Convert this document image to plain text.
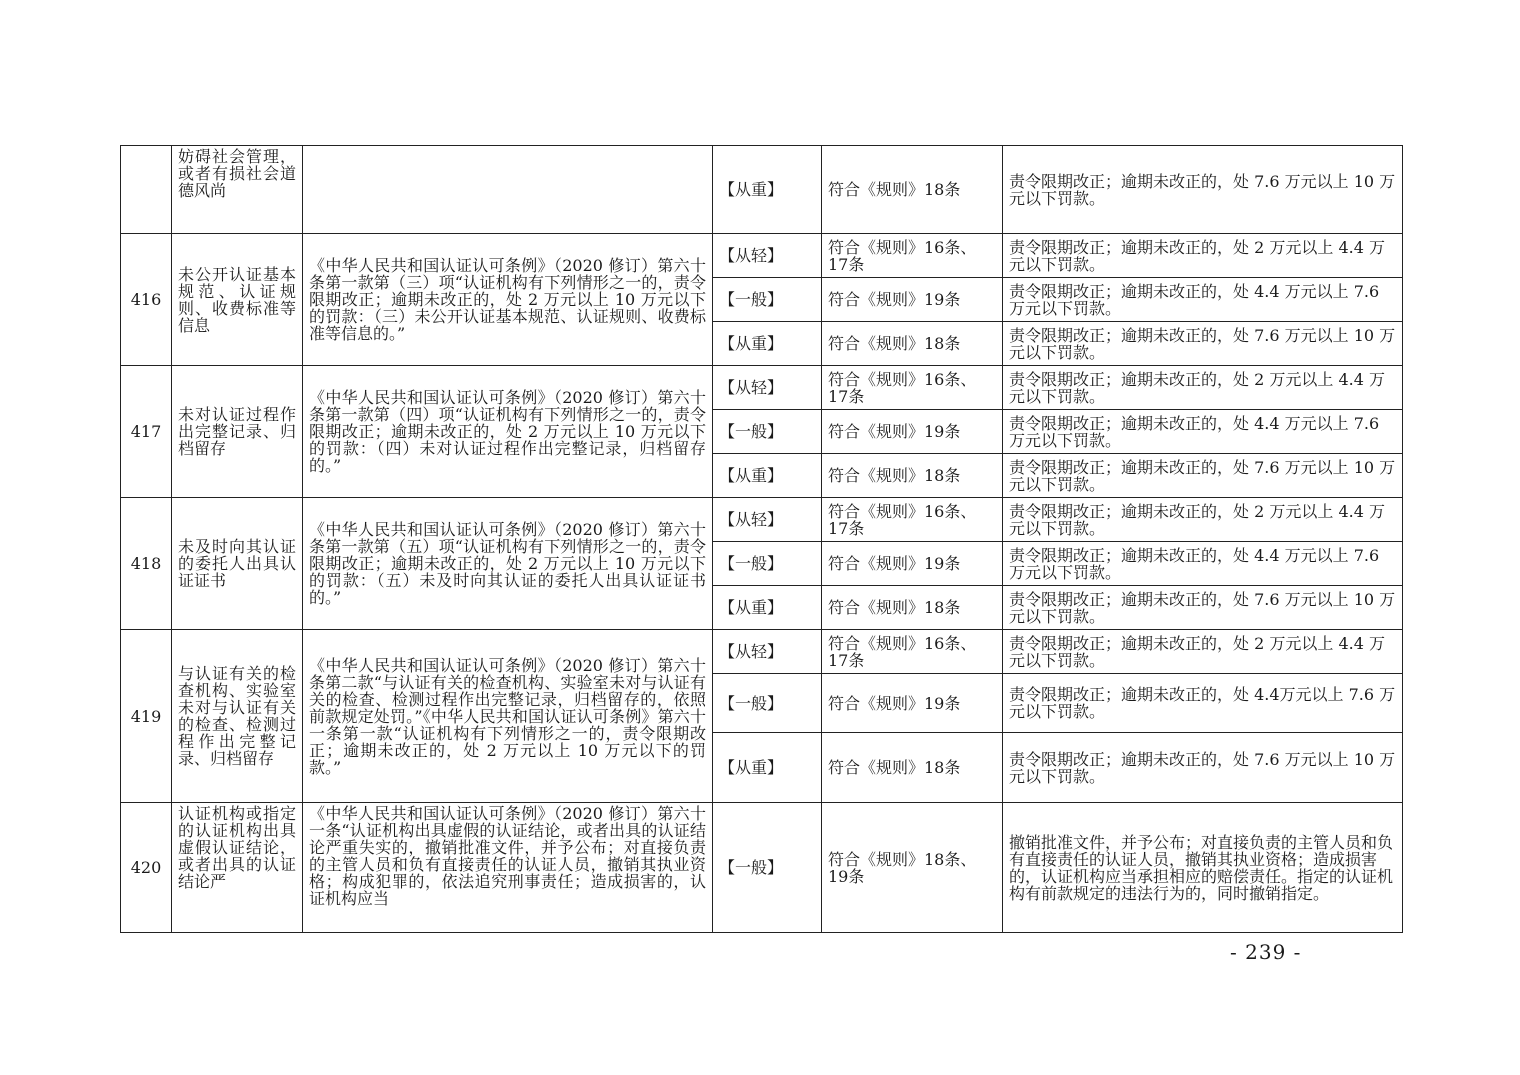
	妨碍社会管理，或者有损社会道德风尚		【从重】	符合《规则》18条	责令限期改正；逾期未改正的，处 7.6 万元以上 10 万元以下罚款。
416	未公开认证基本规范、认证规则、收费标准等信息	《中华人民共和国认证认可条例》（2020 修订）第六十条第一款第（三）项“认证机构有下列情形之一的，责令限期改正；逾期未改正的，处 2 万元以上 10 万元以下的罚款：（三）未公开认证基本规范、认证规则、收费标准等信息的。”	【从轻】	符合《规则》16条、17条	责令限期改正；逾期未改正的，处 2 万元以上 4.4 万元以下罚款。
			【一般】	符合《规则》19条	责令限期改正；逾期未改正的，处 4.4 万元以上 7.6 万元以下罚款。
			【从重】	符合《规则》18条	责令限期改正；逾期未改正的，处 7.6 万元以上 10 万元以下罚款。
417	未对认证过程作出完整记录、归档留存	《中华人民共和国认证认可条例》（2020 修订）第六十条第一款第（四）项“认证机构有下列情形之一的，责令限期改正；逾期未改正的，处 2 万元以上 10 万元以下的罚款：（四）未对认证过程作出完整记录，归档留存的。”	【从轻】	符合《规则》16条、17条	责令限期改正；逾期未改正的，处 2 万元以上 4.4 万元以下罚款。
			【一般】	符合《规则》19条	责令限期改正；逾期未改正的，处 4.4 万元以上 7.6 万元以下罚款。
			【从重】	符合《规则》18条	责令限期改正；逾期未改正的，处 7.6 万元以上 10 万元以下罚款。
418	未及时向其认证的委托人出具认证证书	《中华人民共和国认证认可条例》（2020 修订）第六十条第一款第（五）项“认证机构有下列情形之一的，责令限期改正；逾期未改正的，处 2 万元以上 10 万元以下的罚款：（五）未及时向其认证的委托人出具认证证书的。”	【从轻】	符合《规则》16条、17条	责令限期改正；逾期未改正的，处 2 万元以上 4.4 万元以下罚款。
			【一般】	符合《规则》19条	责令限期改正；逾期未改正的，处 4.4 万元以上 7.6 万元以下罚款。
			【从重】	符合《规则》18条	责令限期改正；逾期未改正的，处 7.6 万元以上 10 万元以下罚款。
419	与认证有关的检查机构、实验室未对与认证有关的检查、检测过程作出完整记录、归档留存	《中华人民共和国认证认可条例》（2020 修订）第六十条第二款“与认证有关的检查机构、实验室未对与认证有关的检查、检测过程作出完整记录，归档留存的，依照前款规定处罚。”《中华人民共和国认证认可条例》第六十一条第一款“认证机构有下列情形之一的，责令限期改正；逾期未改正的，处 2 万元以上 10 万元以下的罚款。”	【从轻】	符合《规则》16条、17条	责令限期改正；逾期未改正的，处 2 万元以上 4.4 万元以下罚款。
			【一般】	符合《规则》19条	责令限期改正；逾期未改正的，处 4.4万元以上 7.6 万元以下罚款。
			【从重】	符合《规则》18条	责令限期改正；逾期未改正的，处 7.6 万元以上 10 万元以下罚款。
420	认证机构或指定的认证机构出具虚假认证结论，或者出具的认证结论严	《中华人民共和国认证认可条例》（2020 修订）第六十一条“认证机构出具虚假的认证结论，或者出具的认证结论严重失实的，撤销批准文件，并予公布；对直接负责的主管人员和负有直接责任的认证人员，撤销其执业资格；构成犯罪的，依法追究刑事责任；造成损害的，认证机构应当	【一般】	符合《规则》18条、19条	撤销批准文件，并予公布；对直接负责的主管人员和负有直接责任的认证人员，撤销其执业资格；造成损害的，认证机构应当承担相应的赔偿责任。指定的认证机构有前款规定的违法行为的，同时撤销指定。
- 239 -
